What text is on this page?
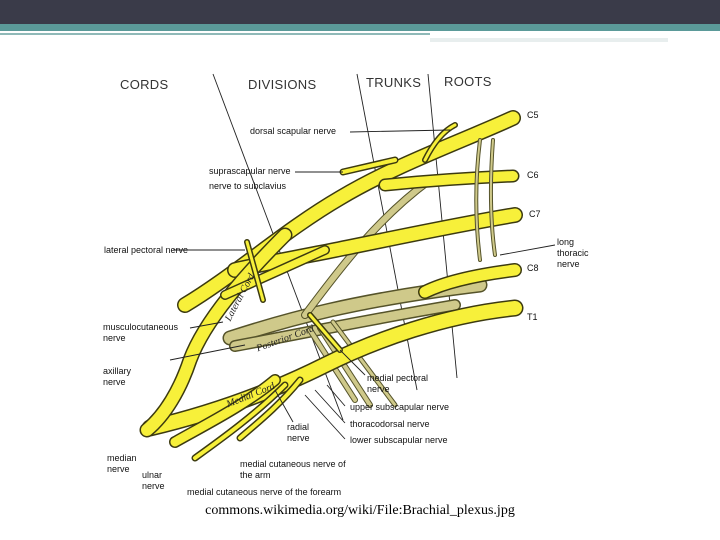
CORDS	DIVISIONS	TRUNKS ROOTS
C5
C6
C7
C8
T1
Lateral Cord
Posterior Cord
Medial Cord
dorsal scapular nerve
suprascapular nerve
nerve to subclavius
lateral pectoral nerve
long thoracic
nerve
musculocutaneous
nerve
axillary
nerve	medial pectoral
nerve
upper subscapular nerve
thoracodorsal nerve
lower subscapular nerve
radial
nerve
median
nerve
ulnar
nerve
medial cutaneous nerve of
the arm
medial cutaneous nerve of the forearm
commons.wikimedia.org/wiki/File:Brachial_plexus.jpg
